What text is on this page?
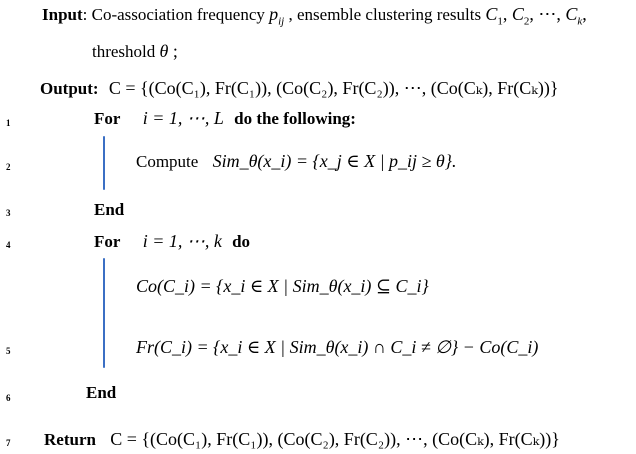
Input: Co-association frequency $p_{ij}$ , ensemble clustering results $C_1$, $C_2$, ⋯, $C_k$,
threshold θ ;
Output: C = {(Co(C₁), Fr(C₁)), (Co(C₂), Fr(C₂)), ⋯, (Co(Cₖ), Fr(Cₖ))}
1	For i = 1, ⋯, L do the following:
2	Compute Sim_θ(x_i) = {x_j ∈ X | p_ij ≥ θ}.
3	End
4	For i = 1, ⋯, k do
Co(C_i) = {x_i ∈ X | Sim_θ(x_i) ⊆ C_i}
5	Fr(C_i) = {x_i ∈ X | Sim_θ(x_i) ∩ C_i ≠ ∅} − Co(C_i)
6	End
7 Return C = {(Co(C₁), Fr(C₁)), (Co(C₂), Fr(C₂)), ⋯, (Co(Cₖ), Fr(Cₖ))}
